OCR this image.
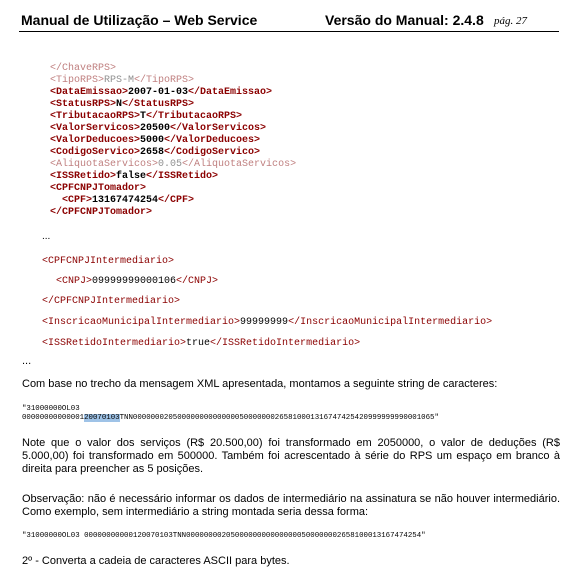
Manual de Utilização – Web Service	Versão do Manual: 2.4.8 pág. 27
</ChaveRPS>
<TipoRPS>RPS-M</TipoRPS>
<DataEmissao>2007-01-03</DataEmissao>
<StatusRPS>N</StatusRPS>
<TributacaoRPS>T</TributacaoRPS>
<ValorServicos>20500</ValorServicos>
<ValorDeducoes>5000</ValorDeducoes>
<CodigoServico>2658</CodigoServico>
<AliquotaServicos>0.05</AliquotaServicos>
<ISSRetido>false</ISSRetido>
<CPFCNPJTomador>
<CPF>13167474254</CPF>
</CPFCNPJTomador>
...
<CPFCNPJIntermediario>
<CNPJ>09999999000106</CNPJ>
</CPFCNPJIntermediario>
<InscricaoMunicipalIntermediario>99999999</InscricaoMunicipalIntermediario>
<ISSRetidoIntermediario>true</ISSRetidoIntermediario>
...
Com base no trecho da mensagem XML apresentada, montamos a seguinte string de caracteres:
"31000000OL03
0000000000000120070103TNN00000002050000000000000050000000265810001316747425420999999990001065"
Note que o valor dos serviços (R$ 20.500,00) foi transformado em 2050000, o valor de deduções (R$ 5.000,00) foi transformado em 500000. Também foi acrescentado à série do RPS um espaço em branco à direita para preencher as 5 posições.
Observação: não é necessário informar os dados de intermediário na assinatura se não houver intermediário. Como exemplo, sem intermediário a string montada seria dessa forma:
"31000000OL03 00000000000120070103TNN00000000205000000000000000500000002658100013167474254"
2º - Converta a cadeia de caracteres ASCII para bytes.
